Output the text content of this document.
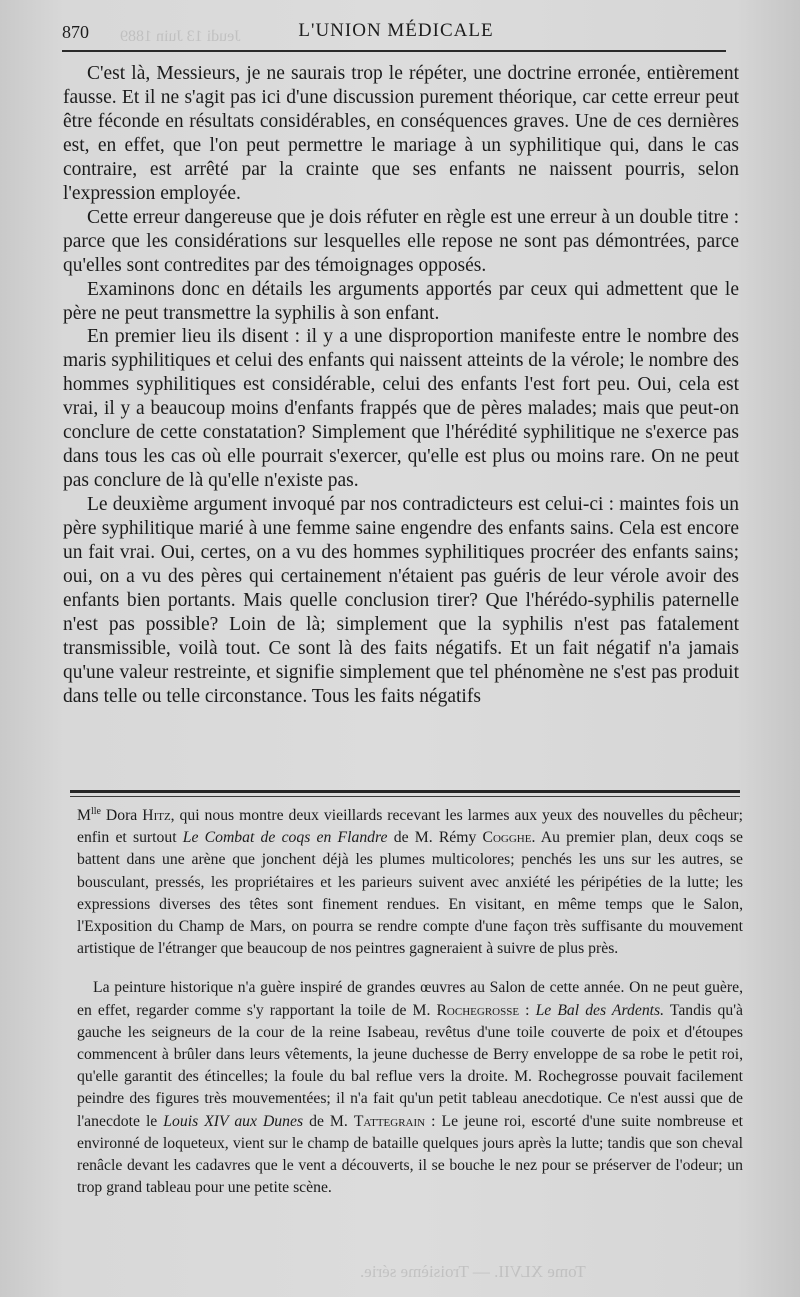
Jeudi 13 Juin 1889
Tome XLVII. — Troisième série.
870	L'UNION MÉDICALE

C'est là, Messieurs, je ne saurais trop le répéter, une doctrine erronée, entièrement fausse. Et il ne s'agit pas ici d'une discussion purement théorique, car cette erreur peut être féconde en résultats considérables, en conséquences graves. Une de ces dernières est, en effet, que l'on peut permettre le mariage à un syphilitique qui, dans le cas contraire, est arrêté par la crainte que ses enfants ne naissent pourris, selon l'expression employée.

Cette erreur dangereuse que je dois réfuter en règle est une erreur à un double titre : parce que les considérations sur lesquelles elle repose ne sont pas démontrées, parce qu'elles sont contredites par des témoignages opposés.

Examinons donc en détails les arguments apportés par ceux qui admettent que le père ne peut transmettre la syphilis à son enfant.

En premier lieu ils disent : il y a une disproportion manifeste entre le nombre des maris syphilitiques et celui des enfants qui naissent atteints de la vérole; le nombre des hommes syphilitiques est considérable, celui des enfants l'est fort peu. Oui, cela est vrai, il y a beaucoup moins d'enfants frappés que de pères malades; mais que peut-on conclure de cette constatation? Simplement que l'hérédité syphilitique ne s'exerce pas dans tous les cas où elle pourrait s'exercer, qu'elle est plus ou moins rare. On ne peut pas conclure de là qu'elle n'existe pas.

Le deuxième argument invoqué par nos contradicteurs est celui-ci : maintes fois un père syphilitique marié à une femme saine engendre des enfants sains. Cela est encore un fait vrai. Oui, certes, on a vu des hommes syphilitiques procréer des enfants sains; oui, on a vu des pères qui certainement n'étaient pas guéris de leur vérole avoir des enfants bien portants. Mais quelle conclusion tirer? Que l'hérédo-syphilis paternelle n'est pas possible? Loin de là; simplement que la syphilis n'est pas fatalement transmissible, voilà tout. Ce sont là des faits négatifs. Et un fait négatif n'a jamais qu'une valeur restreinte, et signifie simplement que tel phénomène ne s'est pas produit dans telle ou telle circonstance. Tous les faits négatifs

$M^{lle}$ Dora Hitz, qui nous montre deux vieillards recevant les larmes aux yeux des nouvelles du pêcheur; enfin et surtout Le Combat de coqs en Flandre de M. Rémy Cogghe. Au premier plan, deux coqs se battent dans une arène que jonchent déjà les plumes multicolores; penchés les uns sur les autres, se bousculant, pressés, les propriétaires et les parieurs suivent avec anxiété les péripéties de la lutte; les expressions diverses des têtes sont finement rendues. En visitant, en même temps que le Salon, l'Exposition du Champ de Mars, on pourra se rendre compte d'une façon très suffisante du mouvement artistique de l'étranger que beaucoup de nos peintres gagneraient à suivre de plus près.

La peinture historique n'a guère inspiré de grandes œuvres au Salon de cette année. On ne peut guère, en effet, regarder comme s'y rapportant la toile de M. Rochegrosse : Le Bal des Ardents. Tandis qu'à gauche les seigneurs de la cour de la reine Isabeau, revêtus d'une toile couverte de poix et d'étoupes commencent à brûler dans leurs vêtements, la jeune duchesse de Berry enveloppe de sa robe le petit roi, qu'elle garantit des étincelles; la foule du bal reflue vers la droite. M. Rochegrosse pouvait facilement peindre des figures très mouvementées; il n'a fait qu'un petit tableau anecdotique. Ce n'est aussi que de l'anecdote le Louis XIV aux Dunes de M. Tattegrain : Le jeune roi, escorté d'une suite nombreuse et environné de loqueteux, vient sur le champ de bataille quelques jours après la lutte; tandis que son cheval renâcle devant les cadavres que le vent a découverts, il se bouche le nez pour se préserver de l'odeur; un trop grand tableau pour une petite scène.
